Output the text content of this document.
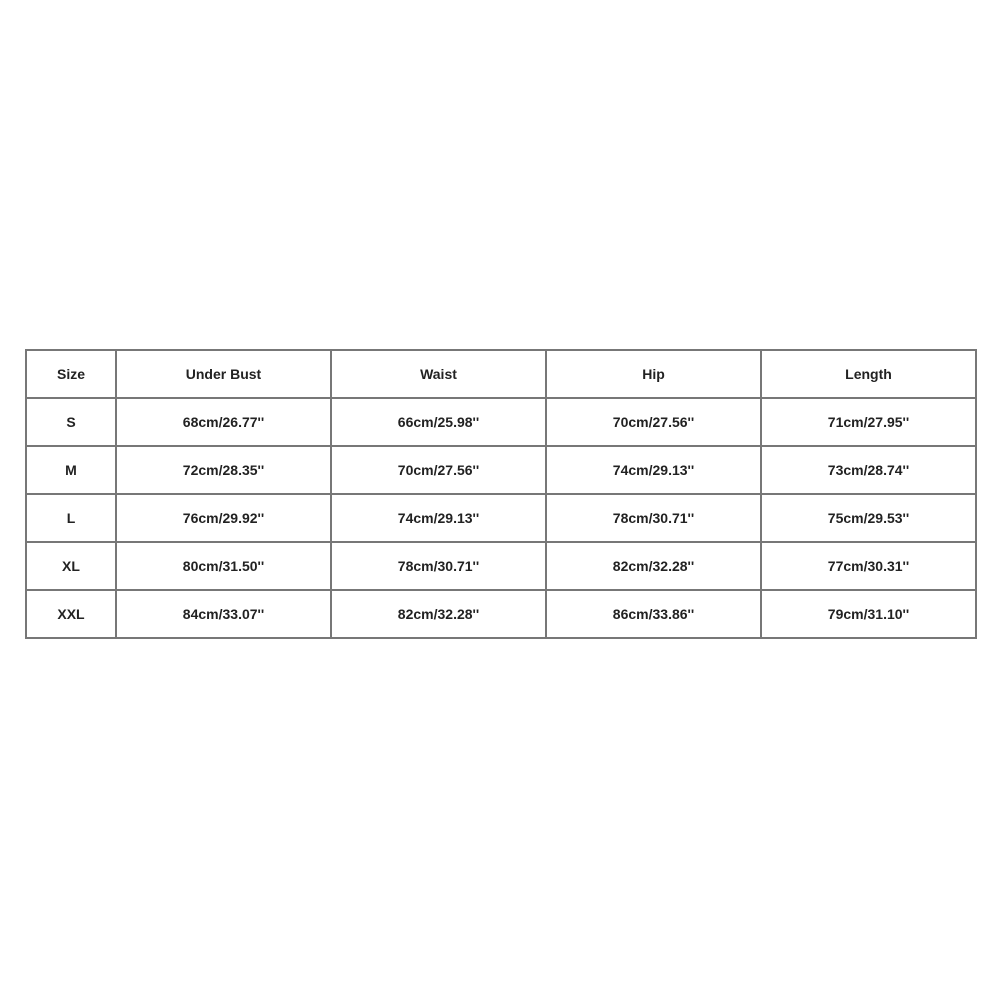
Size	Under Bust	Waist	Hip	Length
S	68cm/26.77''	66cm/25.98''	70cm/27.56''	71cm/27.95''
M	72cm/28.35''	70cm/27.56''	74cm/29.13''	73cm/28.74''
L	76cm/29.92''	74cm/29.13''	78cm/30.71''	75cm/29.53''
XL	80cm/31.50''	78cm/30.71''	82cm/32.28''	77cm/30.31''
XXL	84cm/33.07''	82cm/32.28''	86cm/33.86''	79cm/31.10''
